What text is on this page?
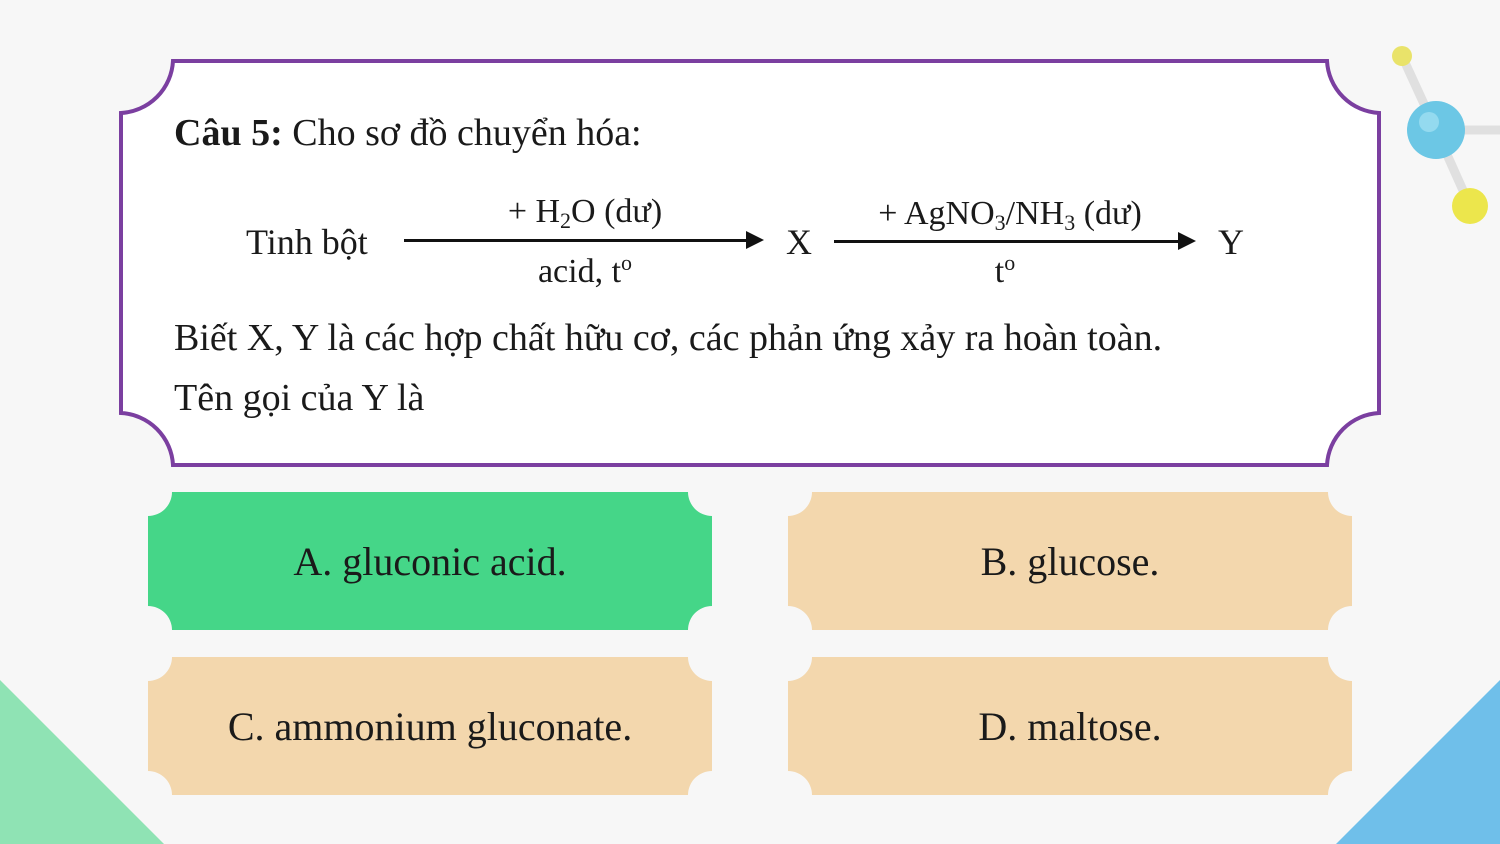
Câu 5: Cho sơ đồ chuyển hóa:
Tinh bột
+ $H_2O$ (dư)
acid, $t^o$
X
+ $AgNO_3/NH_3$ (dư)
$t^o$
Y
Biết X, Y là các hợp chất hữu cơ, các phản ứng xảy ra hoàn toàn.
Tên gọi của Y là
A. gluconic acid.	B. glucose.
C. ammonium gluconate.	D. maltose.
